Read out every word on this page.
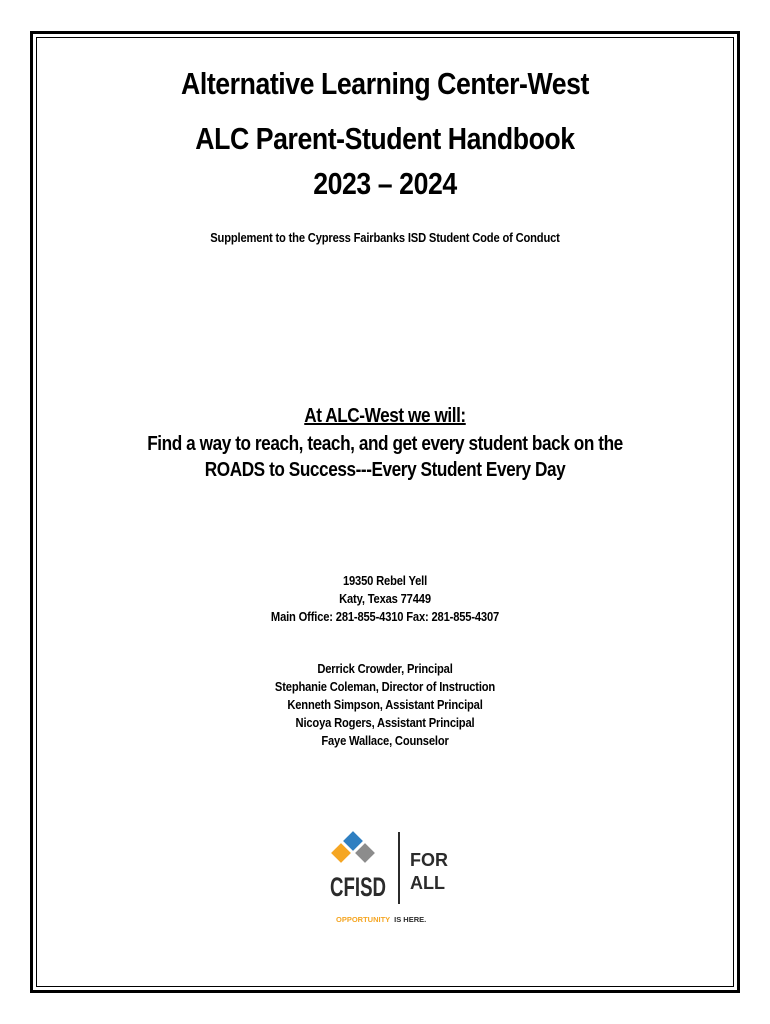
Alternative Learning Center-West
ALC Parent-Student Handbook
2023 – 2024
Supplement to the Cypress Fairbanks ISD Student Code of Conduct
At ALC-West we will:
Find a way to reach, teach, and get every student back on the
ROADS to Success---Every Student Every Day
19350 Rebel Yell
Katy, Texas 77449
Main Office: 281-855-4310 Fax: 281-855-4307
Derrick Crowder, Principal
Stephanie Coleman, Director of Instruction
Kenneth Simpson, Assistant Principal
Nicoya Rogers, Assistant Principal
Faye Wallace, Counselor
CFISD
FOR
ALL
OPPORTUNITY IS HERE.
